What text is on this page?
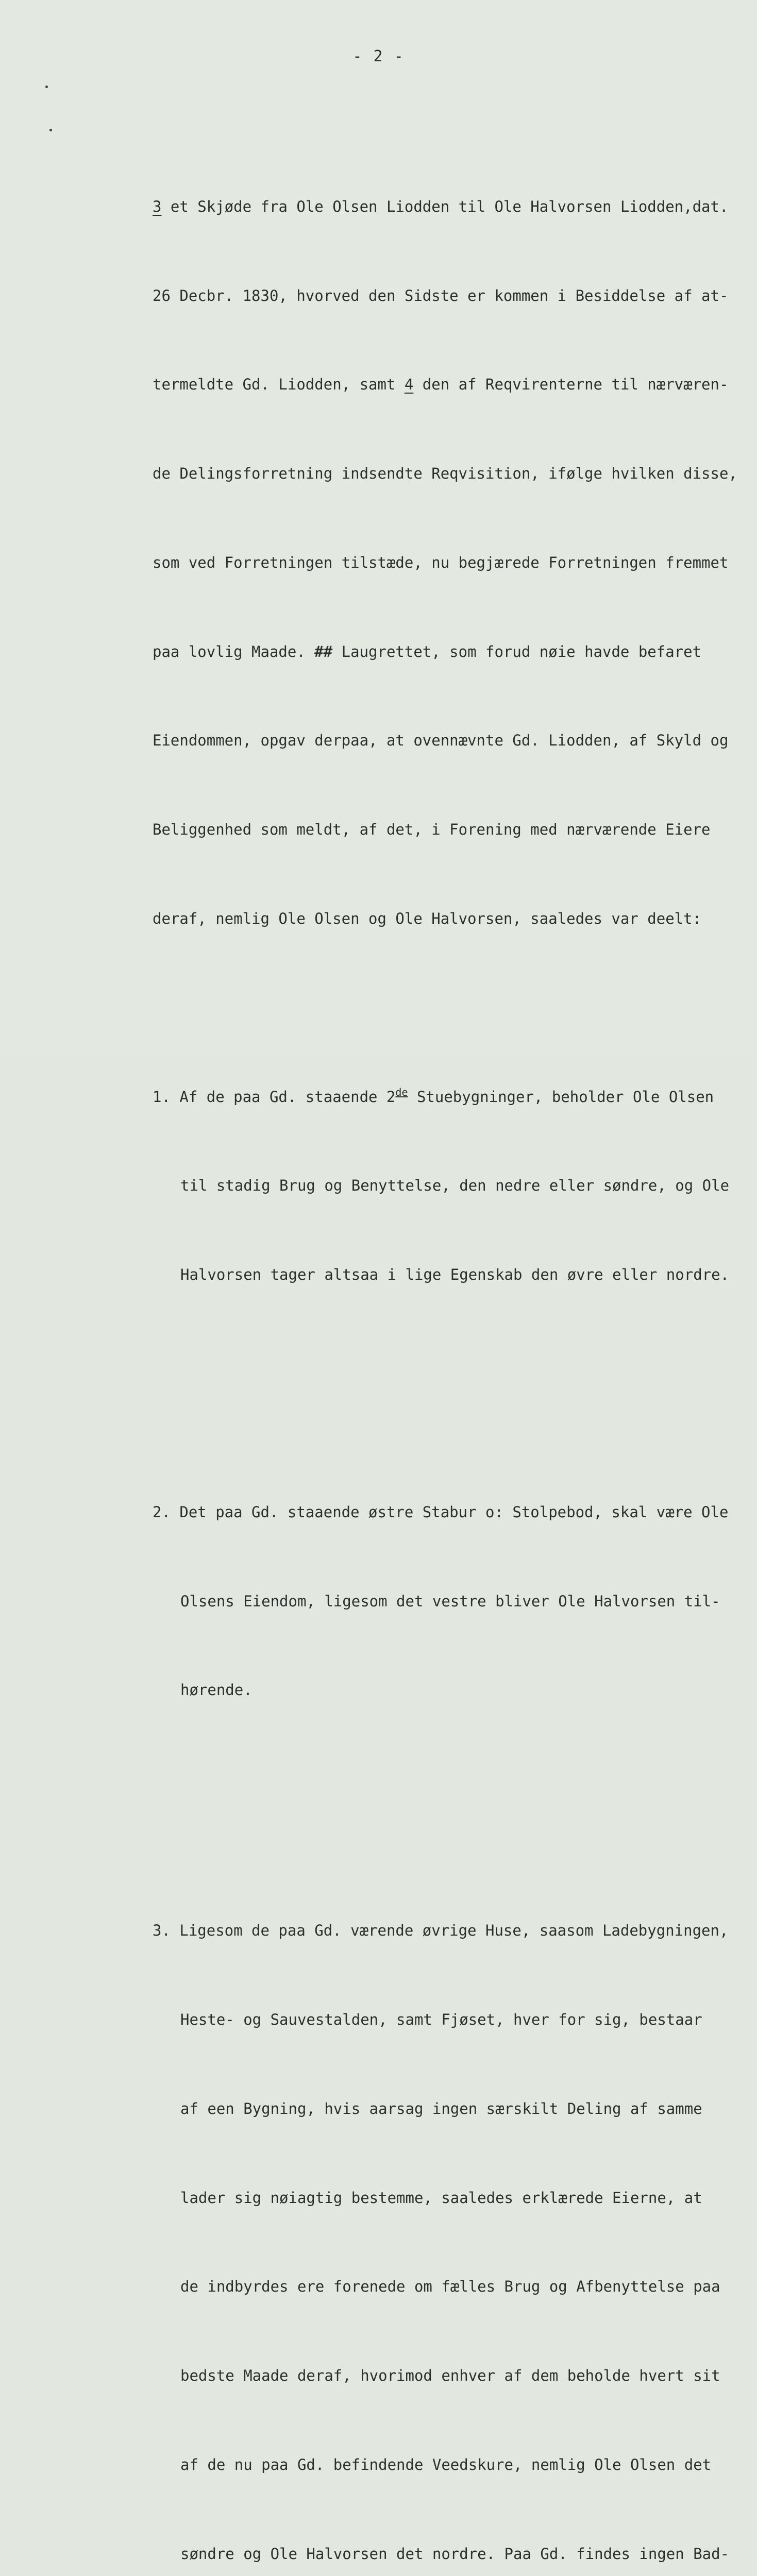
- 2 -

3 et Skjøde fra Ole Olsen Liodden til Ole Halvorsen Liodden,dat.

26 Decbr. 1830, hvorved den Sidste er kommen i Besiddelse af at-

termeldte Gd. Liodden, samt 4 den af Reqvirenterne til nærværen-

de Delingsforretning indsendte Reqvisition, ifølge hvilken disse,

som ved Forretningen tilstæde, nu begjærede Forretningen fremmet

paa lovlig Maade. ## Laugrettet, som forud nøie havde befaret

Eiendommen, opgav derpaa, at ovennævnte Gd. Liodden, af Skyld og

Beliggenhed som meldt, af det, i Forening med nærværende Eiere

deraf, nemlig Ole Olsen og Ole Halvorsen, saaledes var deelt:

1. Af de paa Gd. staaende 2de Stuebygninger, beholder Ole Olsen

til stadig Brug og Benyttelse, den nedre eller søndre, og Ole

Halvorsen tager altsaa i lige Egenskab den øvre eller nordre.

2. Det paa Gd. staaende østre Stabur o: Stolpebod, skal være Ole

Olsens Eiendom, ligesom det vestre bliver Ole Halvorsen til-

hørende.

3. Ligesom de paa Gd. værende øvrige Huse, saasom Ladebygningen,

Heste- og Sauvestalden, samt Fjøset, hver for sig, bestaar

af een Bygning, hvis aarsag ingen særskilt Deling af samme

lader sig nøiagtig bestemme, saaledes erklærede Eierne, at

de indbyrdes ere forenede om fælles Brug og Afbenyttelse paa

bedste Maade deraf, hvorimod enhver af dem beholde hvert sit

af de nu paa Gd. befindende Veedskure, nemlig Ole Olsen det

søndre og Ole Halvorsen det nordre. Paa Gd. findes ingen Bad-
